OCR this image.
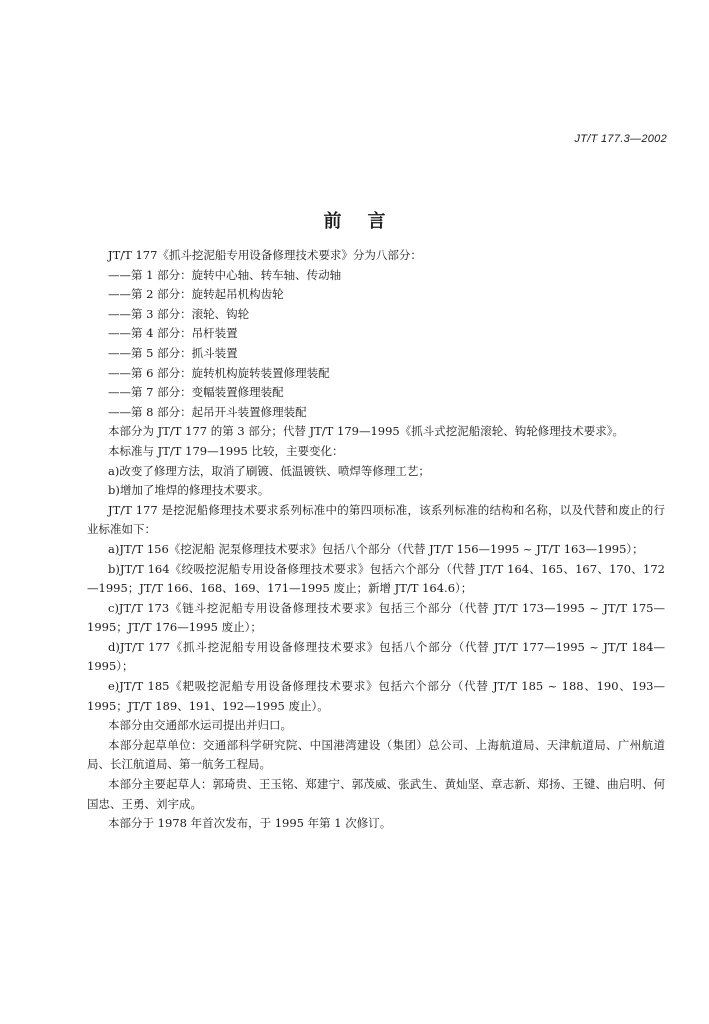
JT/T 177.3—2002
前言
JT/T 177《抓斗挖泥船专用设备修理技术要求》分为八部分：
——第 1 部分：旋转中心轴、转车轴、传动轴
——第 2 部分：旋转起吊机构齿轮
——第 3 部分：滚轮、钩轮
——第 4 部分：吊杆装置
——第 5 部分：抓斗装置
——第 6 部分：旋转机构旋转装置修理装配
——第 7 部分：变幅装置修理装配
——第 8 部分：起吊开斗装置修理装配
本部分为 JT/T 177 的第 3 部分；代替 JT/T 179—1995《抓斗式挖泥船滚轮、钩轮修理技术要求》。
本标准与 JT/T 179—1995 比较，主要变化：
a)改变了修理方法，取消了刷镀、低温镀铁、喷焊等修理工艺；
b)增加了堆焊的修理技术要求。
JT/T 177 是挖泥船修理技术要求系列标准中的第四项标准，该系列标准的结构和名称，以及代替和废止的行业标准如下：
a)JT/T 156《挖泥船 泥泵修理技术要求》包括八个部分（代替 JT/T 156—1995 ~ JT/T 163—1995）；
b)JT/T 164《绞吸挖泥船专用设备修理技术要求》包括六个部分（代替 JT/T 164、165、167、170、172—1995；JT/T 166、168、169、171—1995 废止；新增 JT/T 164.6）；
c)JT/T 173《链斗挖泥船专用设备修理技术要求》包括三个部分（代替 JT/T 173—1995 ~ JT/T 175—1995；JT/T 176—1995 废止）；
d)JT/T 177《抓斗挖泥船专用设备修理技术要求》包括八个部分（代替 JT/T 177—1995 ~ JT/T 184—1995）；
e)JT/T 185《耙吸挖泥船专用设备修理技术要求》包括六个部分（代替 JT/T 185 ~ 188、190、193—1995；JT/T 189、191、192—1995 废止）。
本部分由交通部水运司提出并归口。
本部分起草单位：交通部科学研究院、中国港湾建设（集团）总公司、上海航道局、天津航道局、广州航道局、长江航道局、第一航务工程局。
本部分主要起草人：郭琦贵、王玉铭、郑建宁、郭茂威、张武生、黄灿坚、章志新、郑扬、王键、曲启明、何国忠、王勇、刘宇成。
本部分于 1978 年首次发布，于 1995 年第 1 次修订。
